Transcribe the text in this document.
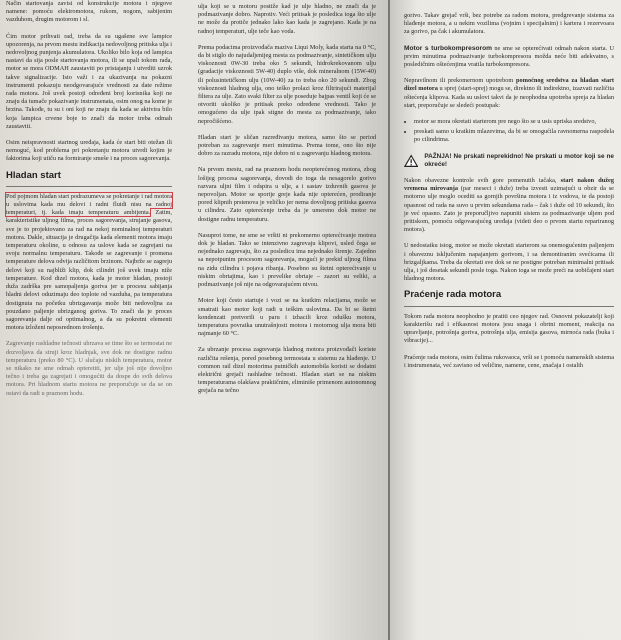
Način startovanja zavisi od konstrukcije motora i njegove namene: pomoću elektromotora, rukom, nogom, sabijenim vazduhom, drugim motorom i sl.

Ćim motor prihvati rad, treba da su ugašene sve lampice upozorenja, na prvom mestu indikacija nedovoljnog pritiska ulja i nedovoljnog punjenja akumulatora. Ukoliko bilo koja od lampica nastavi da sija posle startovanja motora, ili se upali tokom rada, motor se mora ODMAH zaustaviti po pristajanju i utvrditi uzrok takve signalizacije. Isto važi i za ukazivanja na pokazni instrumenti pokazuju neodgovarajuće vrednosti za date režime rada motora. Još uvek postoji određeni broj korisnika koji ne znaju da tumače pokazivanje instrumenata, osim onog na kome je brzina. Takođe, tu su i oni koji ne znaju da kada se aktivira bilo koja lampica crvene boje to znači da motor treba odmah zaustaviti.

Osim neispravnosti startnog uređaja, kada će start biti otežan ili nemoguć, kod problema pri pokretanju motora utvrdi kojim je faktorima koji utiču na formiranje smeše i na proces sagorevanja.

Hladan start

Pod pojmom hladan start podrazumeva se pokretanje i rad motora u uslovima kada mu delovi i radni fluidi nisu na radnoj temperaturi, tj. kada imaju temperaturu ambijenta. Zatim, karakteristike uljnog filma, proces sagorevanja, strujanje gasova, sve je to projektovano za rad na nekoj nominalnoj temperaturi motora. Dakle, situacija je drugačija kada elementi motora imaju temperaturu okoline, u odnosu za uslove kada se zagrejani na svoju normalnu temperaturu. Takođe se zagrevanje i promena temperature delova odvija različitom brzinom. Najbrže se zagreju delovi koji su najbliži klip, dok cilindri još uvek imaju niže temperature. Kod dizel motora, kada je motor hladan, postoji duža zadrška pre samopaljenja goriva jer u procesu sabijanja hladni delovi oduzimaju deo toplote od vazduha, pa temperatura dostignuta na početku ubrizgavanja može biti nedovoljna za pouzdano paljenje ubrizganog goriva. To znači da je proces sagorevanja dalje od optimalnog, a da su pokretni elementi motora izloženi neposrednom trošenju.

Zagrevanje rashladne tečnosti ubrzava se time što se termostat ne dozvoljava da struji kroz hladnjak, sve dok ne dostigne radnu temperaturu (preko 80 °C). U slučaju niskih temperatura, motor se nikako ne sme odmah opteretiti, jer ulje još nije dovoljno tečno i treba ga zagrejati i omogućiti da dospe do svih delova motora. Pri hladnom startu motora ne preporučuje se da se on ostavi da radi u praznom hodu.

ulja koji se u motoru postiže kad je ulje hladno, ne znači da je podmazivanje dobro. Naprotiv. Veći pritisak je posledica toga što ulje ne može da protiče jednako lako kao kada je zagrejano. Kada je na radnoj temperaturi, ulje teče kao voda.

Prema podacima proizvođača maziva Liqui Moly, kada starta na 0 °C, da bi stiglo do najudaljenijeg mesta za podmazivanje, sintetičkom ulju viskoznosti 0W-30 treba oko 5 sekundi, hidrokrekovanom ulju (gradacije viskoznosti 5W-40) duplo više, dok mineralnom (15W-40) ili polusintetičkom ulju (10W-40) za to treba oko 20 sekundi. Zbog viskoznosti hladnog ulja, ono teško prolazi kroz filtrirajući materijal filtera za ulje. Zato svaki filter za ulje poseduje bajpas ventil koji će se otvoriti ukoliko je pritisak preko određene vrednosti. Tako je omogućeno da ulje ipak stigne do mesta za podmazivanje, iako nepročišćeno.

Hladan start je sličan razređivanju motora, samo što se period potreban za zagrevanje meri minutima. Prema tome, ono što nije dobro za razradu motora, nije dobro ni u zagrevanju hladnog motora.

Na prvom mestu, rad na praznom hodu neopterećenog motora, zbog lošijeg procesa sagorevanja, dovodi do toga da nesagorelo gorivo razvara uljni film i odspira u ulje, a i sastav izduvnih gasova je nepovoljan. Motor se sporije greje kada nije opterećen, prodiranje pored klipnih prstenova je veličko jer nema dovoljnog pritiska gasova u cilindru. Zato opterećenje treba da je umereno dok motor ne dostigne radnu temperaturu.

Nasuprot tome, ne sme se vršiti ni prekomerno opterećivanje motora dok je hladan. Tako se intenzivno zagrevaju klipovi, usled čega se nejednako zagrevaju, što za posledicu ima nejednako širenje. Zajedno sa nepotpunim procesom sagorevanja, mogući je prekid uljnog filma na zidu cilindra i pojava ribanja. Posebno su štetni opterećivanje u niskim obrtajima, kao i prevelike obrtaje – zazori su veliki, a podmazivanje još nije na odgovarajućem nivou.

Motor koji često startuje i vozi se na kratkim relacijama, može se smatrati kao motor koji radi u teškim uslovima. Da bi se štetni kondenzati pretvorili u paru i izbacili kroz odušku motora, temperatura povratka unutrašnjosti motora i motornog ulja mora biti najmanje 60 °C.

Za ubrzanje procesa zagrevanja hladnog motora proizvođači koriste različita rešenja, pored posebnog termostata u sistemu za hlađenje. U common rail dizel motorima putničkih automobila koristi se dodatni električni grejači rashladne tečnosti. Hladan start se na niskim temperaturama olakšava praktičnim, eliminiše primenom autonomnog grejača na tečno

gorivo. Takav grejač vrši, bez potrebe za radom motora, predgrevanje sistema za hlađenje motora, a u nekim vozilima (vojnim i specijalnim) i kartera i rezervoara za gorivo, pa čak i akumulatora.

Motor s turbokompresorom ne sme se opterećivati odmah nakon starta. U prvim minutima podmazivanje turbokompresora možda neće biti adekvatno, s posledičnim oštećenjima vratila turbokompresora.

Nepravilnom ili prekomernom upotrebom pomoćnog sredstva za hladan start dizel motora u sprej (start-sprej) mogu se, direktno ili indirektno, izazvati različita oštećenja klipova. Kada su uslovi takvi da je neophodna upotreba spreja za hladan start, preporučuje se sledeći postupak:

• motor se mora okretati starterom pre nego što se u usis upriska sredstvo,
• preskati samo u kratkim mlazevima, da bi se omogućila ravnomerna raspodela po cilindrima.
PAŽNJA! Ne prskati neprekidno! Ne prskati u motor koji se ne okreće!

Nakon obavezne kontrole svih gore pomenutih tačaka, start nakon dužeg vremena mirovanja (par meseci i duže) treba izvesti uzimajući u obzir da se motorno ulje moglo ocediti sa gornjih površina motora i iz vodova, te da postoji opasnost od rada na suvo u prvim sekundama rada – čak i duže od 10 sekundi, što je već opasno. Zato je preporučljivo napuniti sistem za podmazivanje uljem pod pritiskom, pomoću odgovarajućeg uređaja (videti deo o prvom startu repariranog motora).

U nedostatku istog, motor se može okretati starterom sa onemogućenim paljenjem i obaveznu isključenim napajanjem gorivom, i sa demontiranim svećicama ili brizgaljkama. Treba da okretati sve dok se ne postigne potreban minimalni pritisak ulja, i još desetak sekundi posle toga. Nakon toga se može preći na uobičajeni start hladnog motora.

Praćenje rada motora

Tokom rada motora neophodno je pratiti ceo njegov rad. Osnovni pokazatelji koji karakterišu rad i efikasnost motora jesu snaga i obrtni moment, reakcija na upravljanje, potrošnja goriva, potrošnja ulja, emisija gasova, mirnoća rada (buka i vibracije)...

Praćenje rada motora, osim čulima rukovaoca, vrši se i pomoću namenskih sistema i instrumenata, već zavisno od veličine, namene, cene, značaja i ostalih
